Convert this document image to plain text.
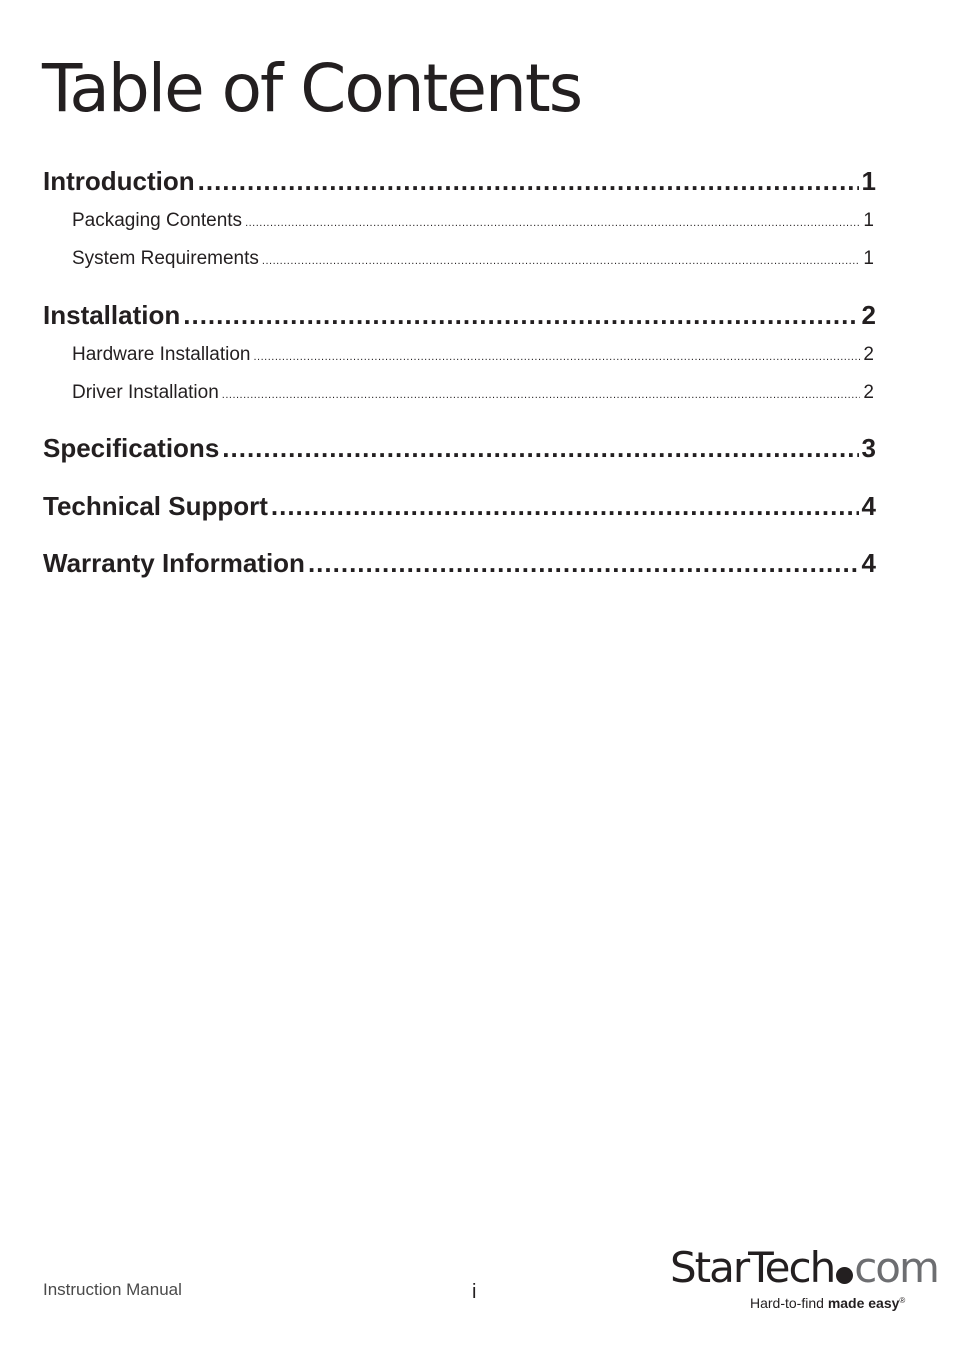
Table of Contents
Introduction .....	1
Packaging Contents .....	1
System Requirements .....	1
Installation .....	2
Hardware Installation .....	2
Driver Installation .....	2
Specifications .....	3
Technical Support .....	4
Warranty Information .....	4
Instruction Manual	i	StarTech com
Hard-to-find made easy®
